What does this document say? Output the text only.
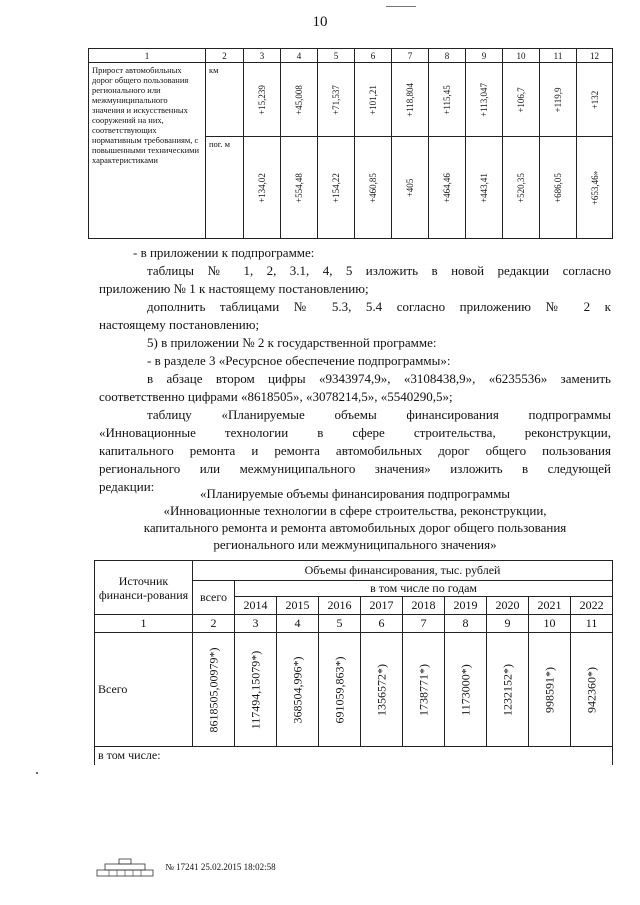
10
1	2	3	4	5	6	7	8	9	10	11	12
Прирост автомобильных дорог общего пользования регионального или межмуниципального значения и искусственных сооружений на них, соответствующих нормативным требованиям, с повышенными техническими характеристиками	км	+15,239	+45,008	+71,537	+101,21	+118,804	+115,45	+113,047	+106,7	+119,9	+132

	пог. м	+134,02	+554,48	+154,22	+460,85	+405	+464,46	+443,41	+520,35	+686,05	+653,46»
- в приложении к подпрограмме:
таблицы № 1, 2, 3.1, 4, 5 изложить в новой редакции согласно
приложению № 1 к настоящему постановлению;
дополнить таблицами № 5.3, 5.4 согласно приложению № 2 к
настоящему постановлению;
5) в приложении № 2 к государственной программе:
- в разделе 3 «Ресурсное обеспечение подпрограммы»:
в абзаце втором цифры «9343974,9», «3108438,9», «6235536» заменить
соответственно цифрами «8618505», «3078214,5», «5540290,5»;
таблицу «Планируемые объемы финансирования подпрограммы
«Инновационные технологии в сфере строительства, реконструкции,
капитального ремонта и ремонта автомобильных дорог общего пользования
регионального или межмуниципального значения» изложить в следующей
редакции:	«Планируемые объемы финансирования подпрограммы
«Инновационные технологии в сфере строительства, реконструкции,
капитального ремонта и ремонта автомобильных дорог общего пользования
регионального или межмуниципального значения»
Источник финанси-рования	Объемы финансирования, тыс. рублей									
	всего	в том числе по годам								
		2014	2015	2016	2017	2018	2019	2020	2021	2022
1	2	3	4	5	6	7	8	9	10	11
Всего	8618505,00979*)	117494,15079*)	368504,996*)	691059,863*)	1356572*)	1738771*)	1173000*)	1232152*)	998591*)	942360*)

в том числе:										
№ 17241 25.02.2015 18:02:58
